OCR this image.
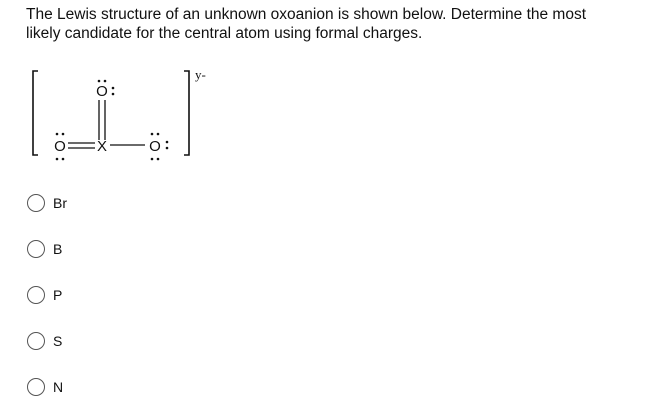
The Lewis structure of an unknown oxoanion is shown below. Determine the most
likely candidate for the central atom using formal charges.
y-
O
O X	O
Br
B
P
S
N
